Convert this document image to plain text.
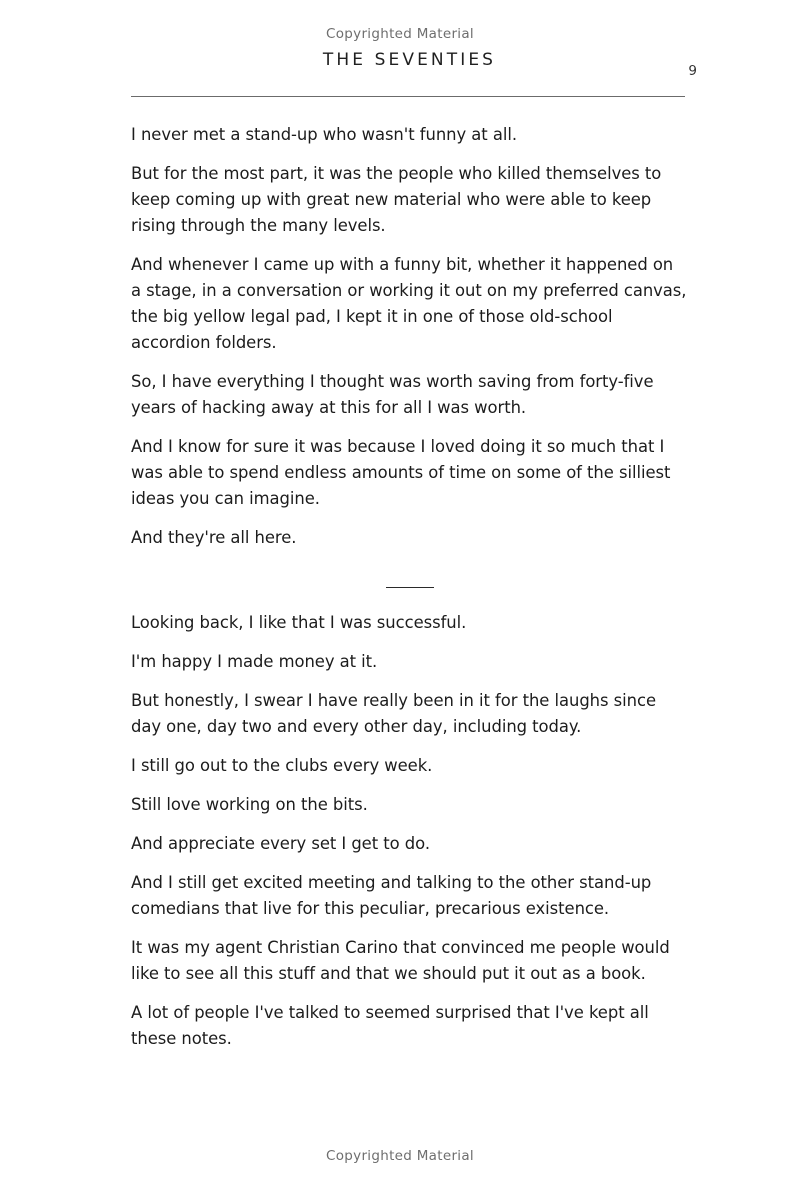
Copyrighted Material
THE SEVENTIES
9

I never met a stand-up who wasn't funny at all.

But for the most part, it was the people who killed themselves to keep coming up with great new material who were able to keep rising through the many levels.

And whenever I came up with a funny bit, whether it happened on a stage, in a conversation or working it out on my preferred canvas, the big yellow legal pad, I kept it in one of those old-school accordion folders.

So, I have everything I thought was worth saving from forty-five years of hacking away at this for all I was worth.

And I know for sure it was because I loved doing it so much that I was able to spend endless amounts of time on some of the silliest ideas you can imagine.

And they're all here.

Looking back, I like that I was successful.

I'm happy I made money at it.

But honestly, I swear I have really been in it for the laughs since day one, day two and every other day, including today.

I still go out to the clubs every week.

Still love working on the bits.

And appreciate every set I get to do.

And I still get excited meeting and talking to the other stand-up comedians that live for this peculiar, precarious existence.

It was my agent Christian Carino that convinced me people would like to see all this stuff and that we should put it out as a book.

A lot of people I've talked to seemed surprised that I've kept all these notes.

Copyrighted Material
